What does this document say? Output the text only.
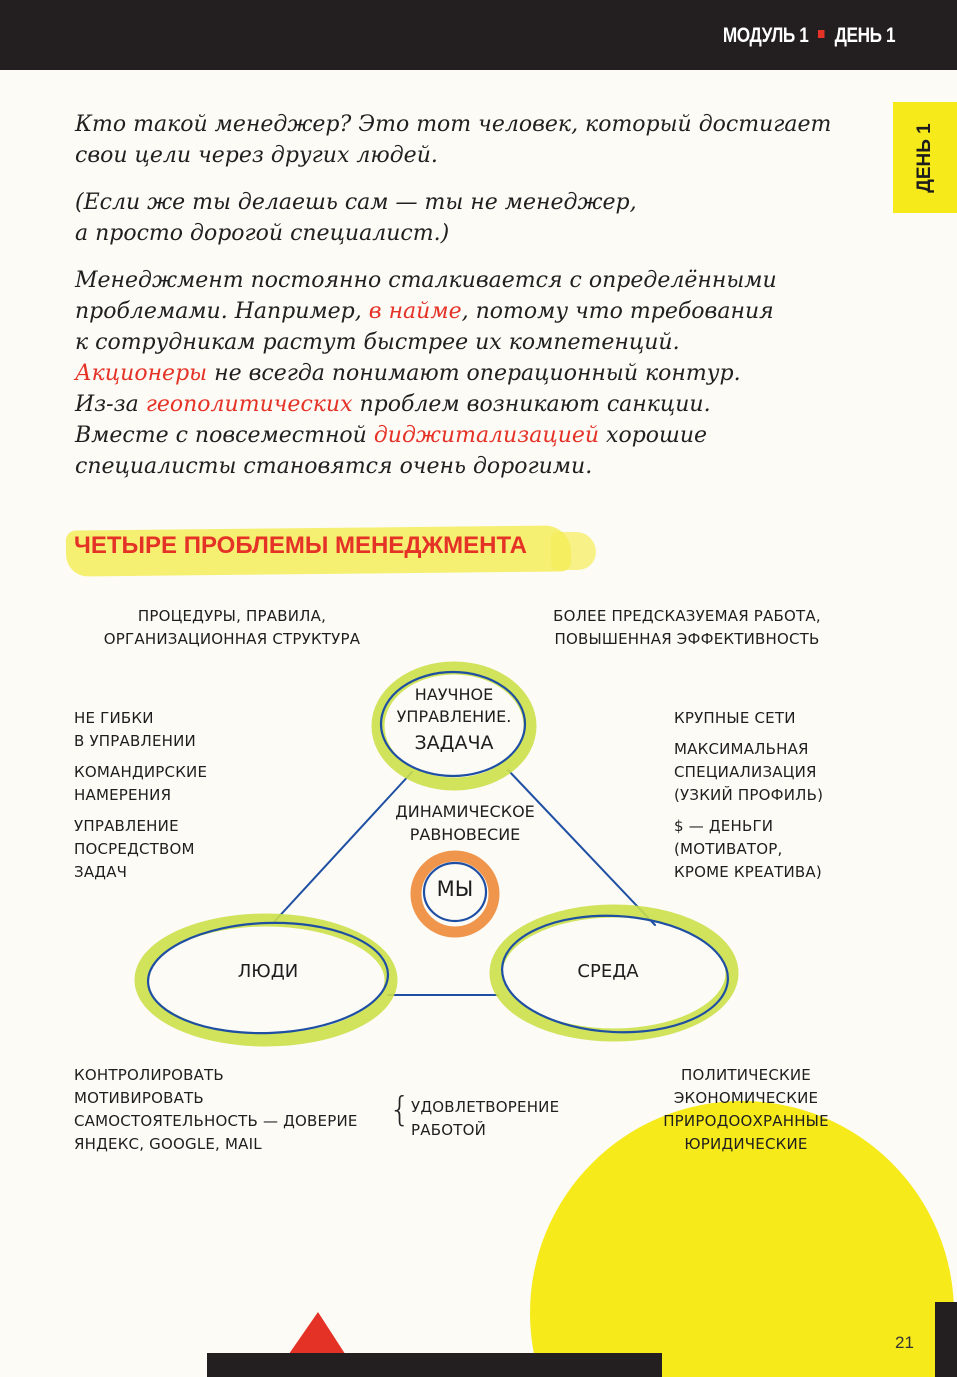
МОДУЛЬ 1 ДЕНЬ 1
ДЕНЬ 1

Кто такой менеджер? Это тот человек, который достигает
свои цели через других людей.

(Если же ты делаешь сам — ты не менеджер,
а просто дорогой специалист.)

Менеджмент постоянно сталкивается с определёнными
проблемами. Например, в найме, потому что требования
к сотрудникам растут быстрее их компетенций.
Акционеры не всегда понимают операционный контур.
Из-за геополитических проблем возникают санкции.
Вместе с повсеместной диджитализацией хорошие
специалисты становятся очень дорогими.

ЧЕТЫРЕ ПРОБЛЕМЫ МЕНЕДЖМЕНТА

ПРОЦЕДУРЫ, ПРАВИЛА,
ОРГАНИЗАЦИОННАЯ СТРУКТУРА

БОЛЕЕ ПРЕДСКАЗУЕМАЯ РАБОТА,
ПОВЫШЕННАЯ ЭФФЕКТИВНОСТЬ

НЕ ГИБКИ
В УПРАВЛЕНИИ
КОМАНДИРСКИЕ
НАМЕРЕНИЯ
УПРАВЛЕНИЕ
ПОСРЕДСТВОМ
ЗАДАЧ
КРУПНЫЕ СЕТИ
МАКСИМАЛЬНАЯ
СПЕЦИАЛИЗАЦИЯ
(УЗКИЙ ПРОФИЛЬ)
$ — ДЕНЬГИ
(МОТИВАТОР,
КРОМЕ КРЕАТИВА)
НАУЧНОЕ
УПРАВЛЕНИЕ.
ЗАДАЧА
ДИНАМИЧЕСКОЕ
РАВНОВЕСИЕ
МЫ
ЛЮДИ	СРЕДА
КОНТРОЛИРОВАТЬ
МОТИВИРОВАТЬ
САМОСТОЯТЕЛЬНОСТЬ — ДОВЕРИЕ
ЯНДЕКС, GOOGLE, MAIL
{ УДОВЛЕТВОРЕНИЕ
РАБОТОЙ
ПОЛИТИЧЕСКИЕ
ЭКОНОМИЧЕСКИЕ
ПРИРОДООХРАННЫЕ
ЮРИДИЧЕСКИЕ
21
